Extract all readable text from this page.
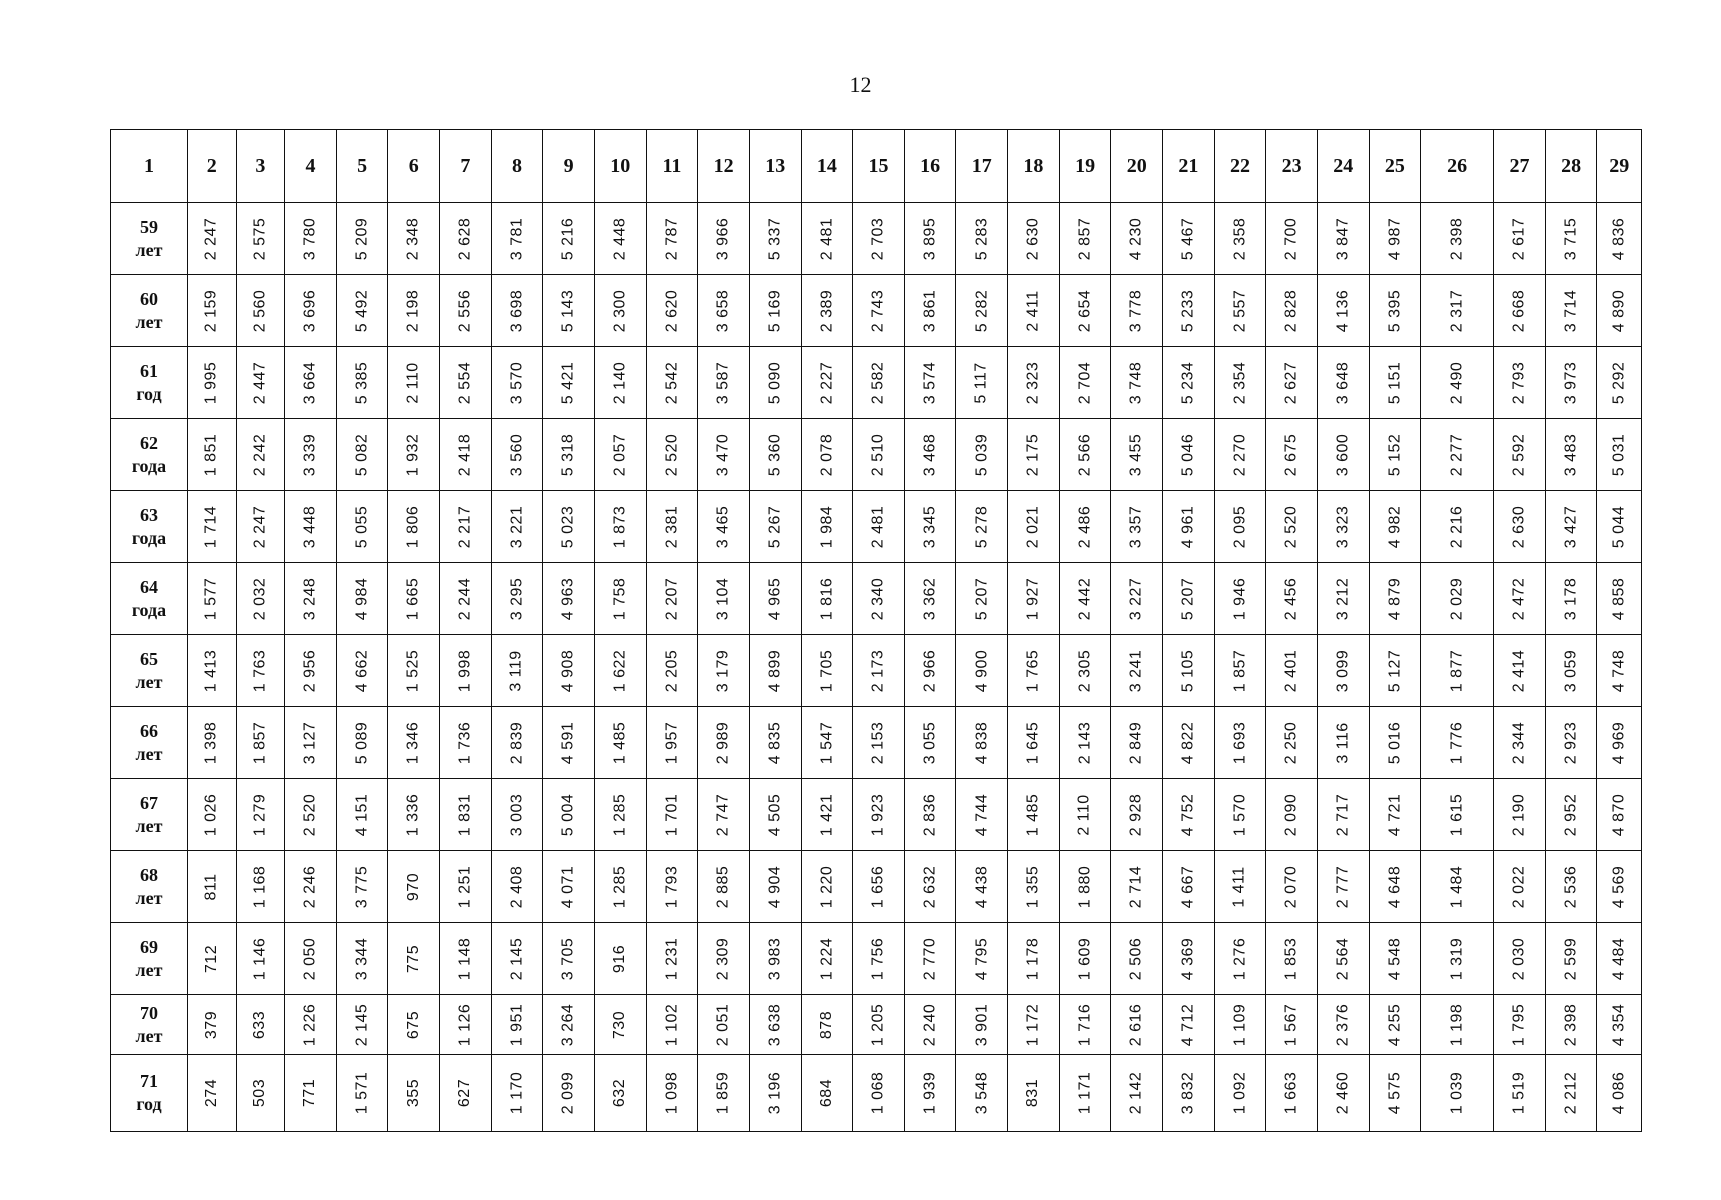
12
1	2	3	4	5	6	7	8	9	10	11	12	13	14	15	16	17	18	19	20	21	22	23	24	25	26	27	28	29

59
лет	2 247	2 575	3 780	5 209	2 348	2 628	3 781	5 216	2 448	2 787	3 966	5 337	2 481	2 703	3 895	5 283	2 630	2 857	4 230	5 467	2 358	2 700	3 847	4 987	2 398	2 617	3 715	4 836

60
лет	2 159	2 560	3 696	5 492	2 198	2 556	3 698	5 143	2 300	2 620	3 658	5 169	2 389	2 743	3 861	5 282	2 411	2 654	3 778	5 233	2 557	2 828	4 136	5 395	2 317	2 668	3 714	4 890

61
год	1 995	2 447	3 664	5 385	2 110	2 554	3 570	5 421	2 140	2 542	3 587	5 090	2 227	2 582	3 574	5 117	2 323	2 704	3 748	5 234	2 354	2 627	3 648	5 151	2 490	2 793	3 973	5 292

62
года	1 851	2 242	3 339	5 082	1 932	2 418	3 560	5 318	2 057	2 520	3 470	5 360	2 078	2 510	3 468	5 039	2 175	2 566	3 455	5 046	2 270	2 675	3 600	5 152	2 277	2 592	3 483	5 031

63
года	1 714	2 247	3 448	5 055	1 806	2 217	3 221	5 023	1 873	2 381	3 465	5 267	1 984	2 481	3 345	5 278	2 021	2 486	3 357	4 961	2 095	2 520	3 323	4 982	2 216	2 630	3 427	5 044

64
года	1 577	2 032	3 248	4 984	1 665	2 244	3 295	4 963	1 758	2 207	3 104	4 965	1 816	2 340	3 362	5 207	1 927	2 442	3 227	5 207	1 946	2 456	3 212	4 879	2 029	2 472	3 178	4 858

65
лет	1 413	1 763	2 956	4 662	1 525	1 998	3 119	4 908	1 622	2 205	3 179	4 899	1 705	2 173	2 966	4 900	1 765	2 305	3 241	5 105	1 857	2 401	3 099	5 127	1 877	2 414	3 059	4 748

66
лет	1 398	1 857	3 127	5 089	1 346	1 736	2 839	4 591	1 485	1 957	2 989	4 835	1 547	2 153	3 055	4 838	1 645	2 143	2 849	4 822	1 693	2 250	3 116	5 016	1 776	2 344	2 923	4 969

67
лет	1 026	1 279	2 520	4 151	1 336	1 831	3 003	5 004	1 285	1 701	2 747	4 505	1 421	1 923	2 836	4 744	1 485	2 110	2 928	4 752	1 570	2 090	2 717	4 721	1 615	2 190	2 952	4 870

68
лет	811	1 168	2 246	3 775	970	1 251	2 408	4 071	1 285	1 793	2 885	4 904	1 220	1 656	2 632	4 438	1 355	1 880	2 714	4 667	1 411	2 070	2 777	4 648	1 484	2 022	2 536	4 569

69
лет	712	1 146	2 050	3 344	775	1 148	2 145	3 705	916	1 231	2 309	3 983	1 224	1 756	2 770	4 795	1 178	1 609	2 506	4 369	1 276	1 853	2 564	4 548	1 319	2 030	2 599	4 484

70
лет	379	633	1 226	2 145	675	1 126	1 951	3 264	730	1 102	2 051	3 638	878	1 205	2 240	3 901	1 172	1 716	2 616	4 712	1 109	1 567	2 376	4 255	1 198	1 795	2 398	4 354

71
год	274	503	771	1 571	355	627	1 170	2 099	632	1 098	1 859	3 196	684	1 068	1 939	3 548	831	1 171	2 142	3 832	1 092	1 663	2 460	4 575	1 039	1 519	2 212	4 086
